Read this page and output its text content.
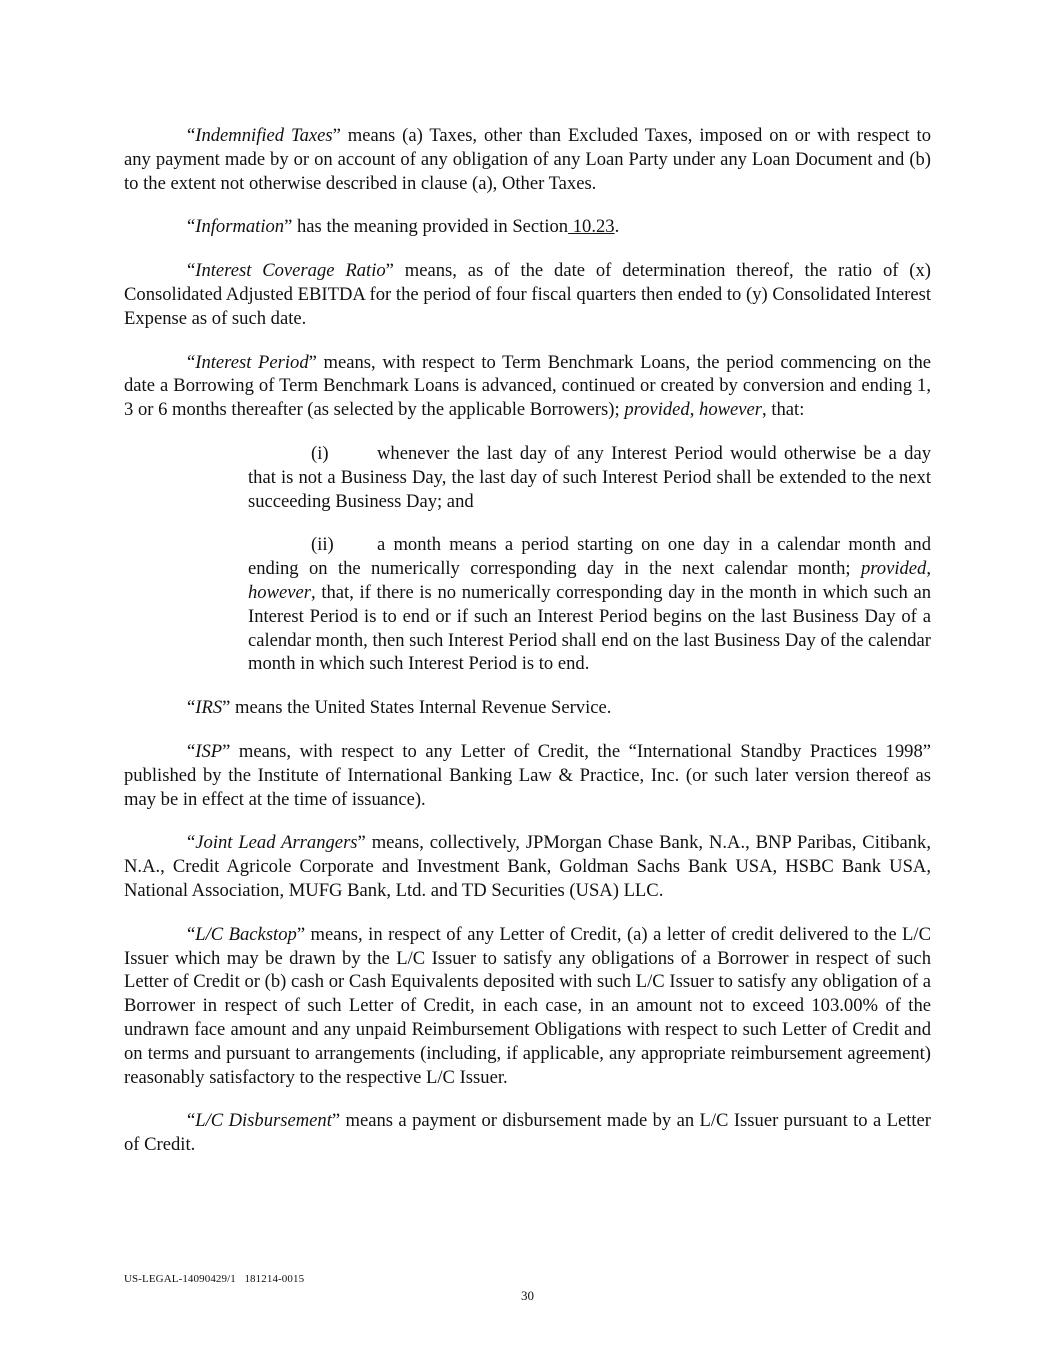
“Indemnified Taxes” means (a) Taxes, other than Excluded Taxes, imposed on or with respect to any payment made by or on account of any obligation of any Loan Party under any Loan Document and (b) to the extent not otherwise described in clause (a), Other Taxes.

“Information” has the meaning provided in Section 10.23.

“Interest Coverage Ratio” means, as of the date of determination thereof, the ratio of (x) Consolidated Adjusted EBITDA for the period of four fiscal quarters then ended to (y) Consolidated Interest Expense as of such date.

“Interest Period” means, with respect to Term Benchmark Loans, the period commencing on the date a Borrowing of Term Benchmark Loans is advanced, continued or created by conversion and ending 1, 3 or 6 months thereafter (as selected by the applicable Borrowers); provided, however, that:

(i)	whenever the last day of any Interest Period would otherwise be a day that is not a Business Day, the last day of such Interest Period shall be extended to the next succeeding Business Day; and

(ii) a month means a period starting on one day in a calendar month and ending on the numerically corresponding day in the next calendar month; provided, however, that, if there is no numerically corresponding day in the month in which such an Interest Period is to end or if such an Interest Period begins on the last Business Day of a calendar month, then such Interest Period shall end on the last Business Day of the calendar month in which such Interest Period is to end.

“IRS” means the United States Internal Revenue Service.

“ISP” means, with respect to any Letter of Credit, the “International Standby Practices 1998” published by the Institute of International Banking Law & Practice, Inc. (or such later version thereof as may be in effect at the time of issuance).

“Joint Lead Arrangers” means, collectively, JPMorgan Chase Bank, N.A., BNP Paribas, Citibank, N.A., Credit Agricole Corporate and Investment Bank, Goldman Sachs Bank USA, HSBC Bank USA, National Association, MUFG Bank, Ltd. and TD Securities (USA) LLC.

“L/C Backstop” means, in respect of any Letter of Credit, (a) a letter of credit delivered to the L/C Issuer which may be drawn by the L/C Issuer to satisfy any obligations of a Borrower in respect of such Letter of Credit or (b) cash or Cash Equivalents deposited with such L/C Issuer to satisfy any obligation of a Borrower in respect of such Letter of Credit, in each case, in an amount not to exceed 103.00% of the undrawn face amount and any unpaid Reimbursement Obligations with respect to such Letter of Credit and on terms and pursuant to arrangements (including, if applicable, any appropriate reimbursement agreement) reasonably satisfactory to the respective L/C Issuer.

“L/C Disbursement” means a payment or disbursement made by an L/C Issuer pursuant to a Letter of Credit.

US-LEGAL-14090429/1   181214-0015
30
